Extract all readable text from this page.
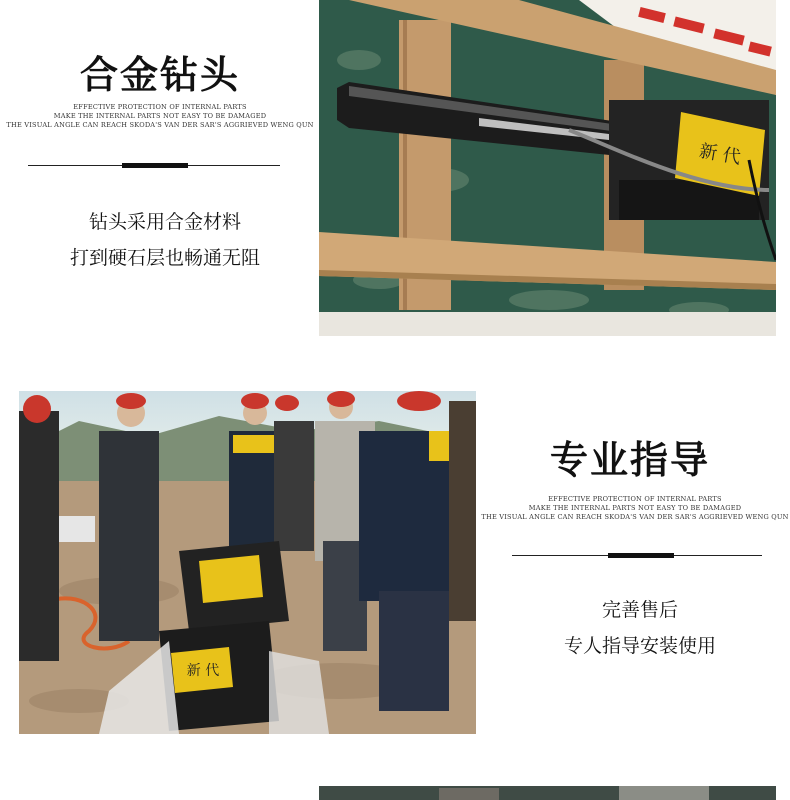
合金钻头
EFFECTIVE PROTECTION OF INTERNAL PARTS
MAKE THE INTERNAL PARTS NOT EASY TO BE DAMAGED
THE VISUAL ANGLE CAN REACH SKODA'S VAN DER SAR'S AGGRIEVED WENG QUN
钻头采用合金材料
打到硬石层也畅通无阻
新 代
新 代
专业指导
EFFECTIVE PROTECTION OF INTERNAL PARTS
MAKE THE INTERNAL PARTS NOT EASY TO BE DAMAGED
THE VISUAL ANGLE CAN REACH SKODA'S VAN DER SAR'S AGGRIEVED WENG QUN
完善售后
专人指导安装使用
